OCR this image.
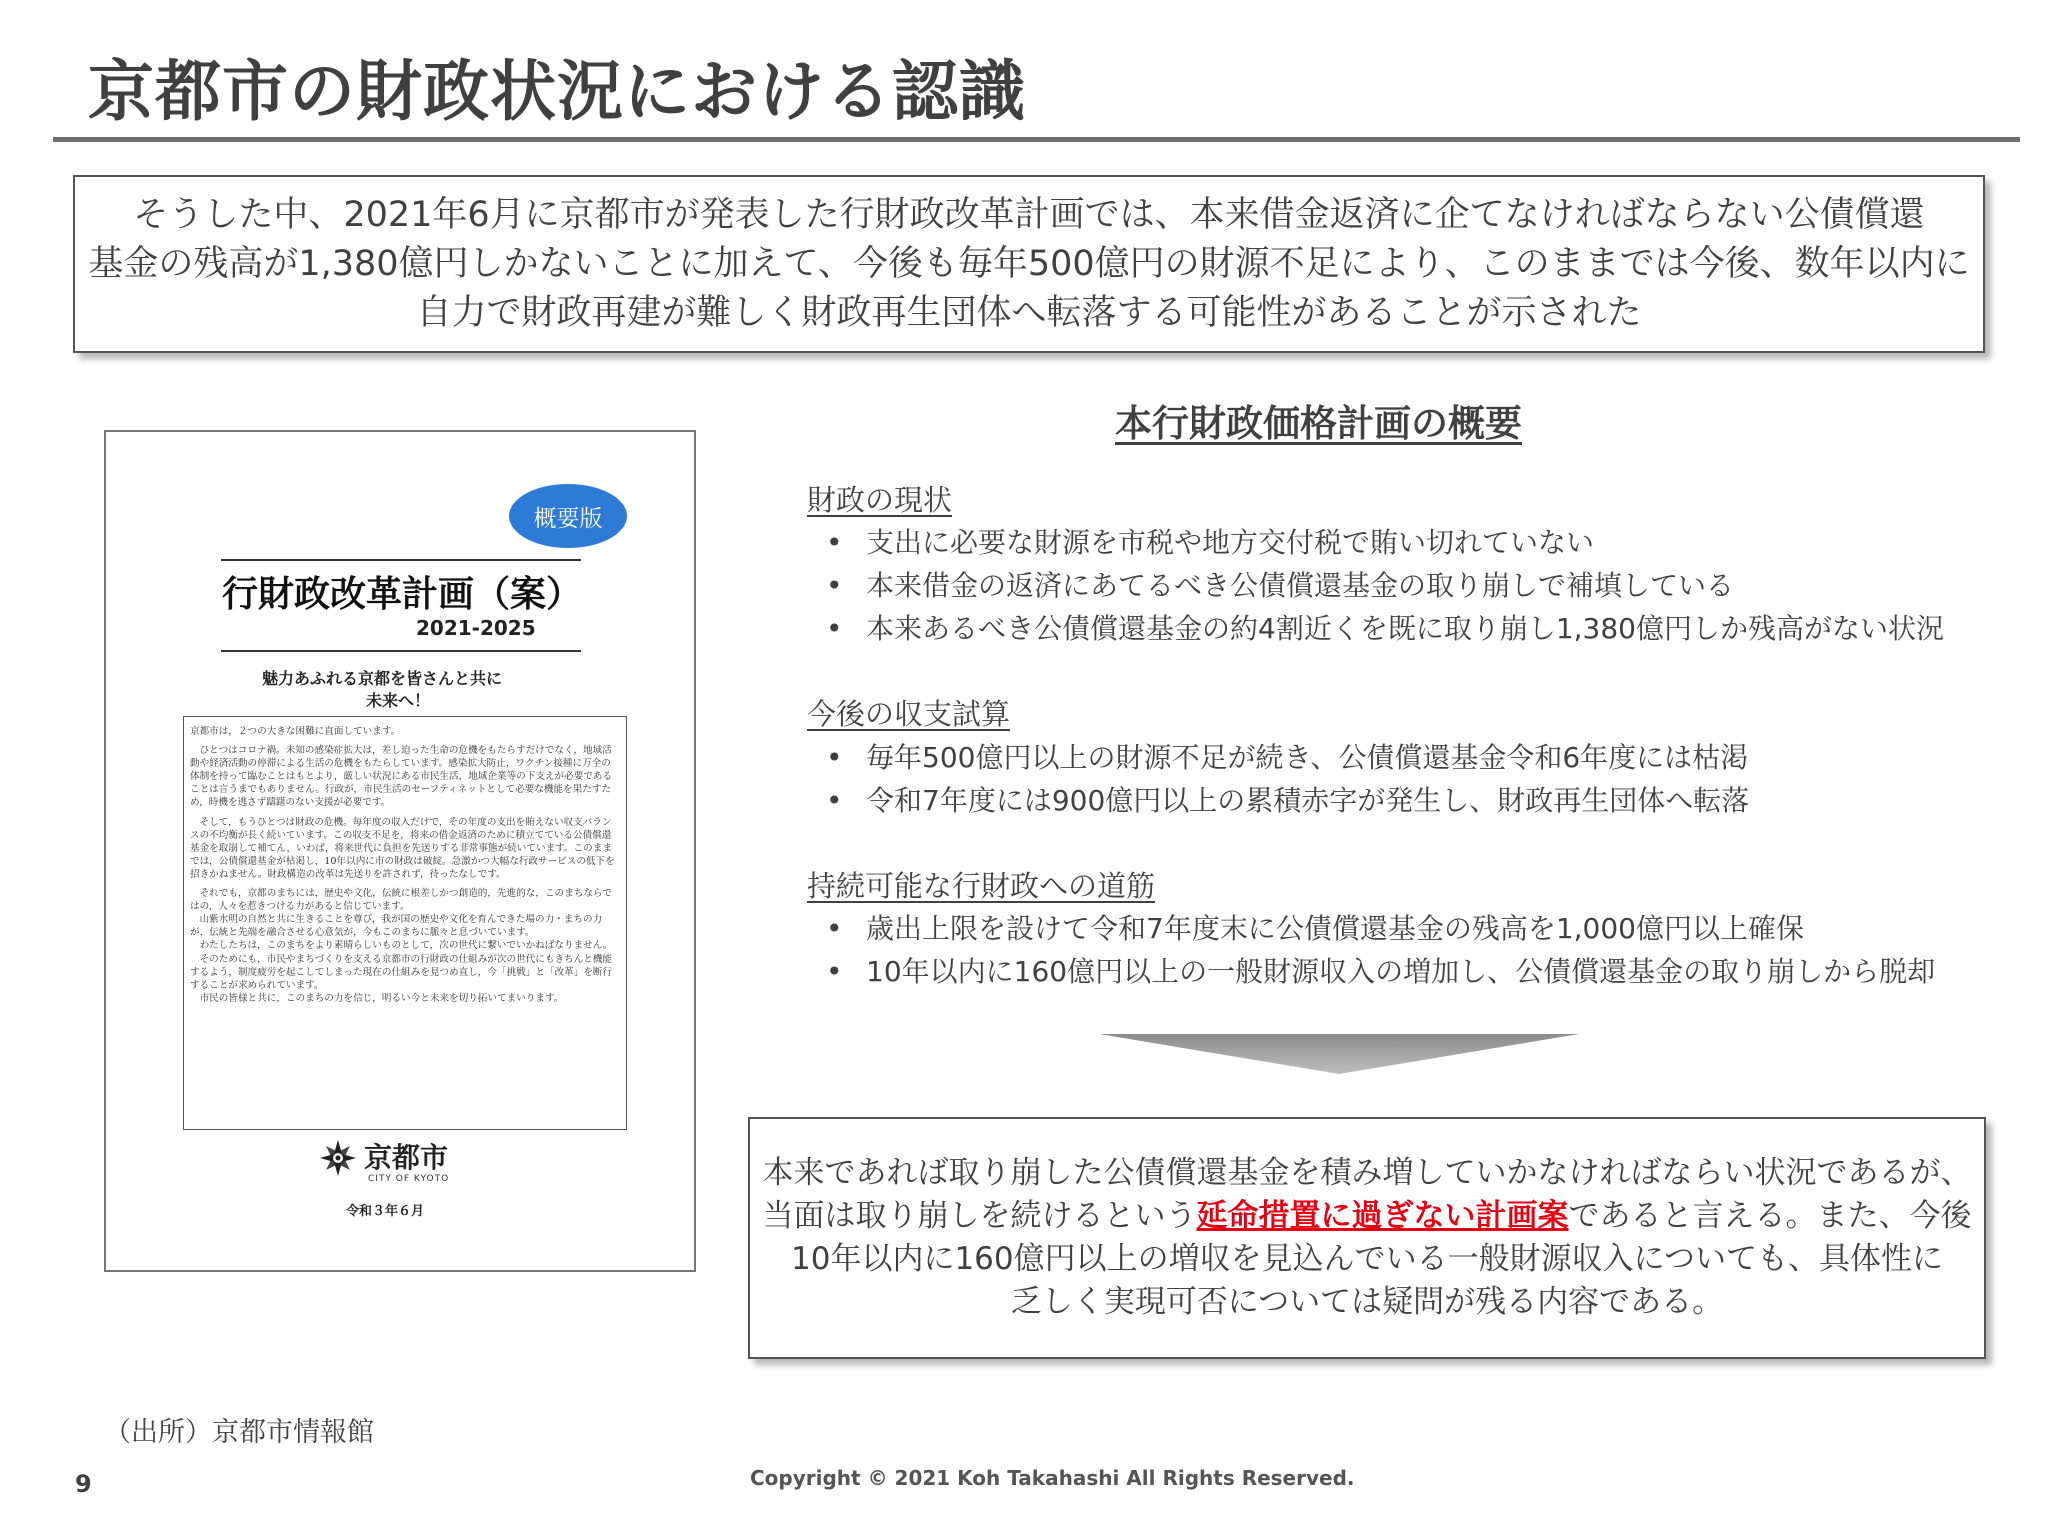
京都市の財政状況における認識
そうした中、2021年6月に京都市が発表した行財政改革計画では、本来借金返済に企てなければならない公債償還
基金の残高が1,380億円しかないことに加えて、今後も毎年500億円の財源不足により、このままでは今後、数年以内に
自力で財政再建が難しく財政再生団体へ転落する可能性があることが示された
概要版
行財政改革計画（案）
2021-2025
魅力あふれる京都を皆さんと共に
未来へ！

京都市は，２つの大きな困難に直面しています。

ひとつはコロナ禍。未知の感染症拡大は，差し迫った生命の危機をもたらすだけでなく，地域活動や経済活動の停滞による生活の危機をもたらしています。感染拡大防止，ワクチン接種に万全の体制を持って臨むことはもとより，厳しい状況にある市民生活，地域企業等の下支えが必要であることは言うまでもありません。行政が，市民生活のセーフティネットとして必要な機能を果たすため，時機を逃さず躊躇のない支援が必要です。

そして，もうひとつは財政の危機。毎年度の収入だけで，その年度の支出を賄えない収支バランスの不均衡が長く続いています。この収支不足を，将来の借金返済のために積立てている公債償還基金を取崩して補てん，いわば，将来世代に負担を先送りする非常事態が続いています。このままでは，公債償還基金が枯渇し，10年以内に市の財政は破綻。急激かつ大幅な行政サービスの低下を招きかねません。財政構造の改革は先送りを許されず，待ったなしです。

それでも，京都のまちには，歴史や文化，伝統に根差しかつ創造的，先進的な，このまちならではの，人々を惹きつける力があると信じています。

山紫水明の自然と共に生きることを尊び，我が国の歴史や文化を育んできた場の力・まちの力が，伝統と先端を融合させる心意気が，今もこのまちに脈々と息づいています。

わたしたちは，このまちをより素晴らしいものとして，次の世代に繋いでいかねばなりません。

そのためにも，市民やまちづくりを支える京都市の行財政の仕組みが次の世代にもきちんと機能するよう，制度疲労を起こしてしまった現在の仕組みを見つめ直し，今「挑戦」と「改革」を断行することが求められています。

市民の皆様と共に，このまちの力を信じ，明るい今と未来を切り拓いてまいります。

京都市
CITY OF KYOTO
令和３年６月
本行財政価格計画の概要
財政の現状
• 支出に必要な財源を市税や地方交付税で賄い切れていない
• 本来借金の返済にあてるべき公債償還基金の取り崩しで補填している
• 本来あるべき公債償還基金の約4割近くを既に取り崩し1,380億円しか残高がない状況
今後の収支試算
• 毎年500億円以上の財源不足が続き、公債償還基金令和6年度には枯渇
• 令和7年度には900億円以上の累積赤字が発生し、財政再生団体へ転落
持続可能な行財政への道筋
• 歳出上限を設けて令和7年度末に公債償還基金の残高を1,000億円以上確保
• 10年以内に160億円以上の一般財源収入の増加し、公債償還基金の取り崩しから脱却
本来であれば取り崩した公債償還基金を積み増していかなければならい状況であるが、
当面は取り崩しを続けるという延命措置に過ぎない計画案であると言える。また、今後
10年以内に160億円以上の増収を見込んでいる一般財源収入についても、具体性に
乏しく実現可否については疑問が残る内容である。
（出所）京都市情報館
9	Copyright © 2021 Koh Takahashi All Rights Reserved.
